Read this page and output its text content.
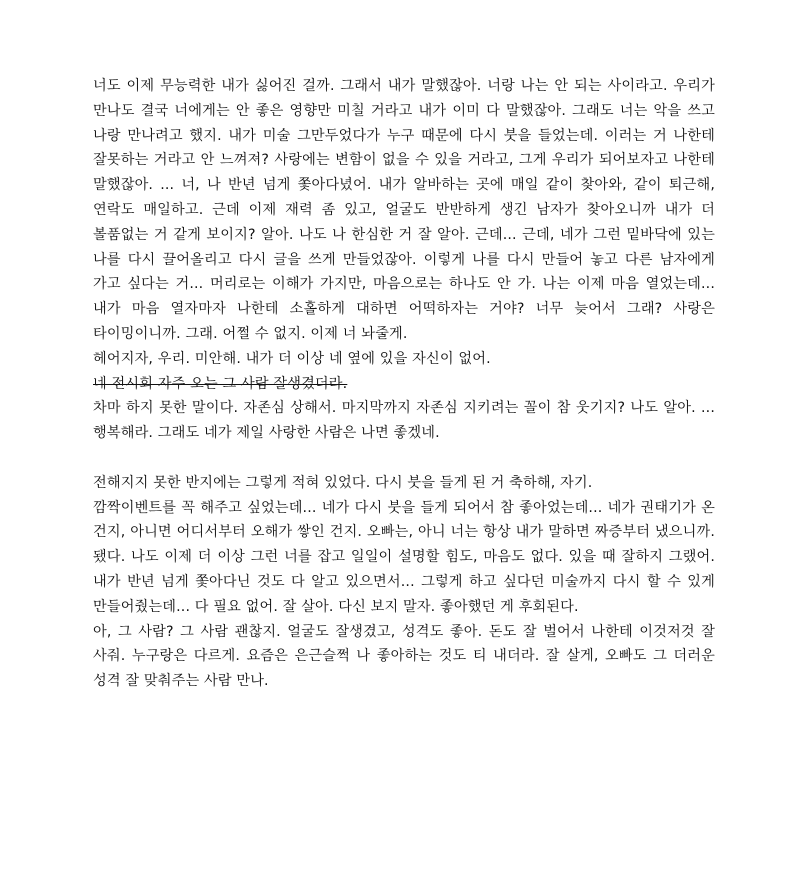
너도 이제 무능력한 내가 싫어진 걸까. 그래서 내가 말했잖아. 너랑 나는 안 되는 사이라고. 우리가 만나도 결국 너에게는 안 좋은 영향만 미칠 거라고 내가 이미 다 말했잖아. 그래도 너는 악을 쓰고 나랑 만나려고 했지. 내가 미술 그만두었다가 누구 때문에 다시 붓을 들었는데. 이러는 거 나한테 잘못하는 거라고 안 느껴져? 사랑에는 변함이 없을 수 있을 거라고, 그게 우리가 되어보자고 나한테 말했잖아. ... 너, 나 반년 넘게 쫓아다녔어. 내가 알바하는 곳에 매일 같이 찾아와, 같이 퇴근해, 연락도 매일하고. 근데 이제 재력 좀 있고, 얼굴도 반반하게 생긴 남자가 찾아오니까 내가 더 볼품없는 거 같게 보이지? 알아. 나도 나 한심한 거 잘 알아. 근데... 근데, 네가 그런 밑바닥에 있는 나를 다시 끌어올리고 다시 글을 쓰게 만들었잖아. 이렇게 나를 다시 만들어 놓고 다른 남자에게 가고 싶다는 거... 머리로는 이해가 가지만, 마음으로는 하나도 안 가. 나는 이제 마음 열었는데... 내가 마음 열자마자 나한테 소홀하게 대하면 어떡하자는 거야? 너무 늦어서 그래? 사랑은 타이밍이니까. 그래. 어쩔 수 없지. 이제 너 놔줄게.

헤어지자, 우리. 미안해. 내가 더 이상 네 옆에 있을 자신이 없어.

네 전시회 자주 오는 그 사람 잘생겼더라.

차마 하지 못한 말이다. 자존심 상해서. 마지막까지 자존심 지키려는 꼴이 참 웃기지? 나도 알아. ... 행복해라. 그래도 네가 제일 사랑한 사람은 나면 좋겠네.

전해지지 못한 반지에는 그렇게 적혀 있었다. 다시 붓을 들게 된 거 축하해, 자기.

깜짝이벤트를 꼭 해주고 싶었는데... 네가 다시 붓을 들게 되어서 참 좋아었는데... 네가 권태기가 온 건지, 아니면 어디서부터 오해가 쌓인 건지. 오빠는, 아니 너는 항상 내가 말하면 짜증부터 냈으니까. 됐다. 나도 이제 더 이상 그런 너를 잡고 일일이 설명할 힘도, 마음도 없다. 있을 때 잘하지 그랬어. 내가 반년 넘게 쫓아다닌 것도 다 알고 있으면서... 그렇게 하고 싶다던 미술까지 다시 할 수 있게 만들어줬는데... 다 필요 없어. 잘 살아. 다신 보지 말자. 좋아했던 게 후회된다.

아, 그 사람? 그 사람 괜찮지. 얼굴도 잘생겼고, 성격도 좋아. 돈도 잘 벌어서 나한테 이것저것 잘 사줘. 누구랑은 다르게. 요즘은 은근슬쩍 나 좋아하는 것도 티 내더라. 잘 살게, 오빠도 그 더러운 성격 잘 맞춰주는 사람 만나.
